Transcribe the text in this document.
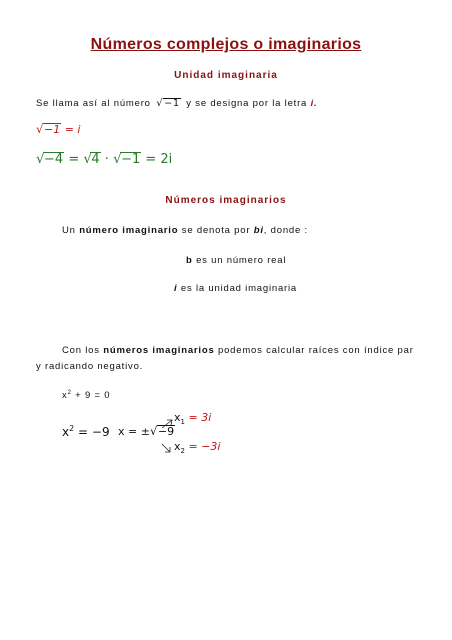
Números complejos o imaginarios
Unidad imaginaria
Se llama así al número √ −1 y se designa por la letra i.
√ −1 = i
√ −4 = √ 4 · √ −1 = 2i
Números imaginarios
Un número imaginario se denota por bi, donde :
b es un número real
i es la unidad imaginaria
Con los números imaginarios podemos calcular raíces con índice par
y radicando negativo.
$x^2 + 9 = 0$
$x^2 = -9$ x = ± √ −9
$x_1 = 3i$
$x_2 = -3i$
